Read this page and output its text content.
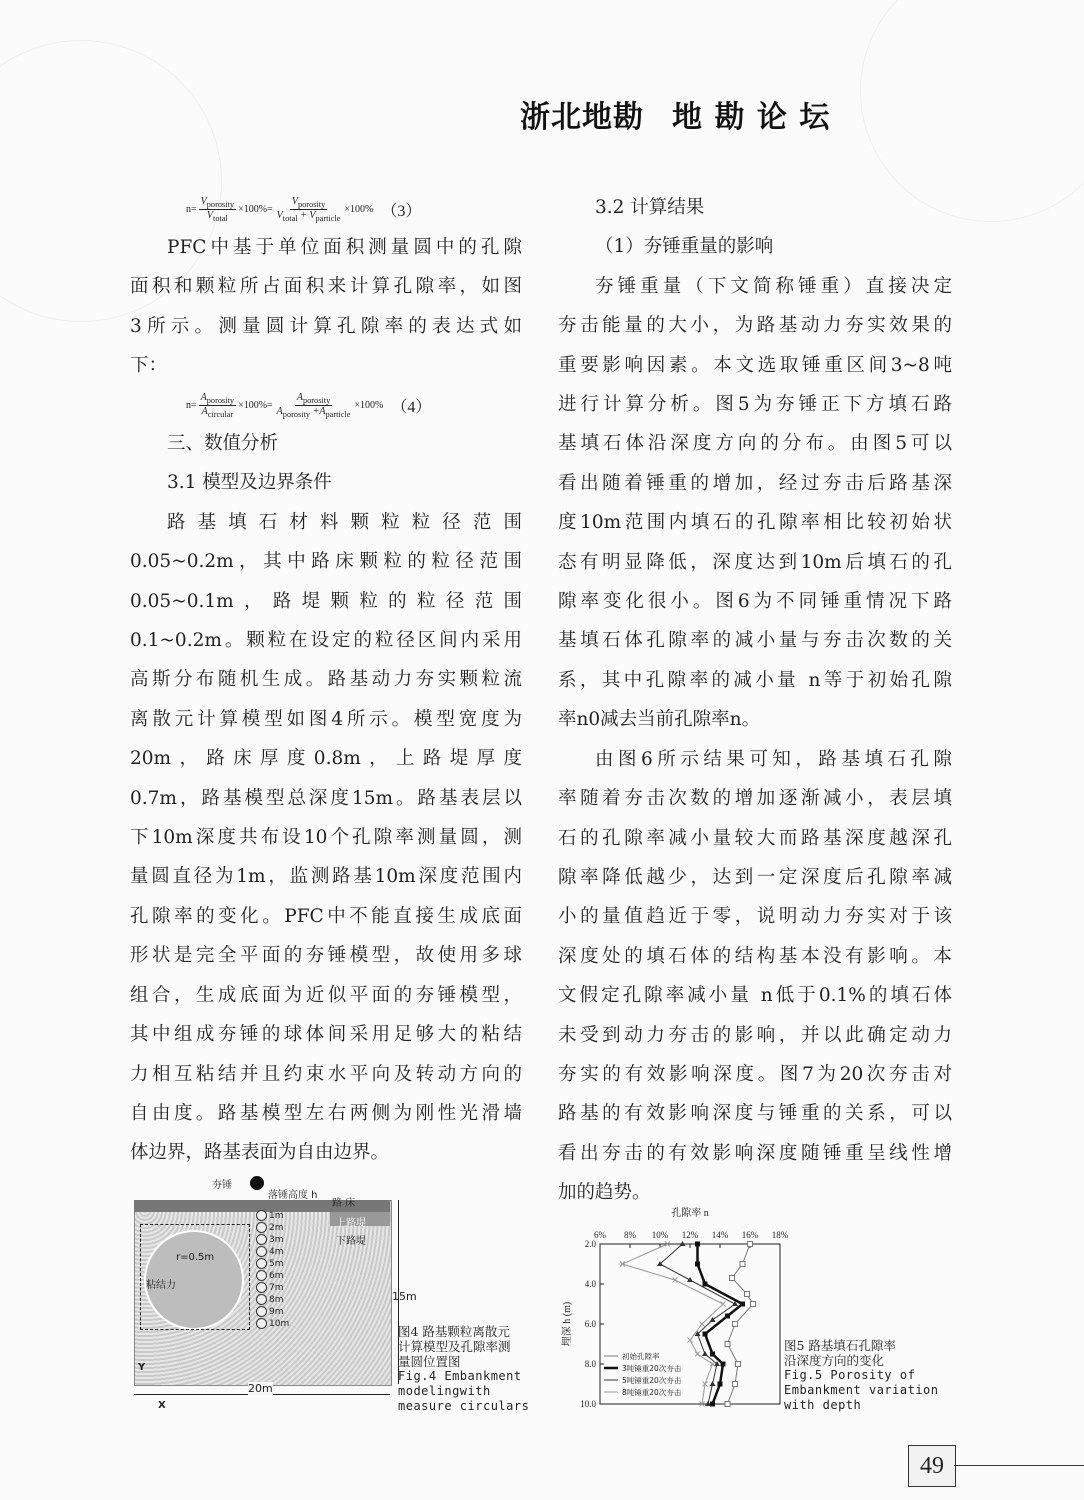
浙北地勘 地 勘 论 坛
$n= \frac{V_{porosity}}{V_{total}} \times 100\%= \frac{V_{porosity}}{V_{total} + V_{particle}} \times 100\%$ （3）

PFC中基于单位面积测量圆中的孔隙

面积和颗粒所占面积来计算孔隙率，如图

3所示。测量圆计算孔隙率的表达式如

下：

$n= \frac{A_{porosity}}{A_{circular}} \times 100\%= \frac{A_{porosity}}{A_{porosity} +A_{particle}} \times 100\%$ （4）

三、数值分析

3.1 模型及边界条件

路基填石材料颗粒粒径范围

0.05~0.2m，其中路床颗粒的粒径范围

0.05~0.1m，路堤颗粒的粒径范围

0.1~0.2m。颗粒在设定的粒径区间内采用

高斯分布随机生成。路基动力夯实颗粒流

离散元计算模型如图4所示。模型宽度为

20m，路床厚度0.8m，上路堤厚度

0.7m，路基模型总深度15m。路基表层以

下10m深度共布设10个孔隙率测量圆，测

量圆直径为1m，监测路基10m深度范围内

孔隙率的变化。PFC中不能直接生成底面

形状是完全平面的夯锤模型，故使用多球

组合，生成底面为近似平面的夯锤模型，

其中组成夯锤的球体间采用足够大的粘结

力相互粘结并且约束水平向及转动方向的

自由度。路基模型左右两侧为刚性光滑墙

体边界，路基表面为自由边界。

3.2 计算结果

（1）夯锤重量的影响

夯锤重量（下文简称锤重）直接决定

夯击能量的大小，为路基动力夯实效果的

重要影响因素。本文选取锤重区间3~8吨

进行计算分析。图5为夯锤正下方填石路

基填石体沿深度方向的分布。由图5可以

看出随着锤重的增加，经过夯击后路基深

度10m范围内填石的孔隙率相比较初始状

态有明显降低，深度达到10m后填石的孔

隙率变化很小。图6为不同锤重情况下路

基填石体孔隙率的减小量与夯击次数的关

系，其中孔隙率的减小量 n等于初始孔隙

率n0减去当前孔隙率n。

由图6所示结果可知，路基填石孔隙

率随着夯击次数的增加逐渐减小，表层填

石的孔隙率减小量较大而路基深度越深孔

隙率降低越少，达到一定深度后孔隙率减

小的量值趋近于零，说明动力夯实对于该

深度处的填石体的结构基本没有影响。本

文假定孔隙率减小量 n低于0.1%的填石体

未受到动力夯击的影响，并以此确定动力

夯实的有效影响深度。图7为20次夯击对

路基的有效影响深度与锤重的关系，可以

看出夯击的有效影响深度随锤重呈线性增

加的趋势。

夯锤
落锤高度 h
路 床
上路堤
下路堤
r=0.5m
粘结力
15m
20m
Y
X
1m
2m
3m
4m
5m
6m
7m
8m
9m
10m
图4 路基颗粒离散元
计算模型及孔隙率测
量圆位置图
Fig.4 Embankment
modelingwith
measure circulars
孔隙率 n
6% 8% 10% 12% 14% 16% 18%
2.0
4.0
6.0
8.0
10.0
埋深 h (m)
初始孔隙率
3吨锤重20次夯击
5吨锤重20次夯击
8吨锤重20次夯击
图5 路基填石孔隙率
沿深度方向的变化
Fig.5 Porosity of
Embankment variation
with depth
49
